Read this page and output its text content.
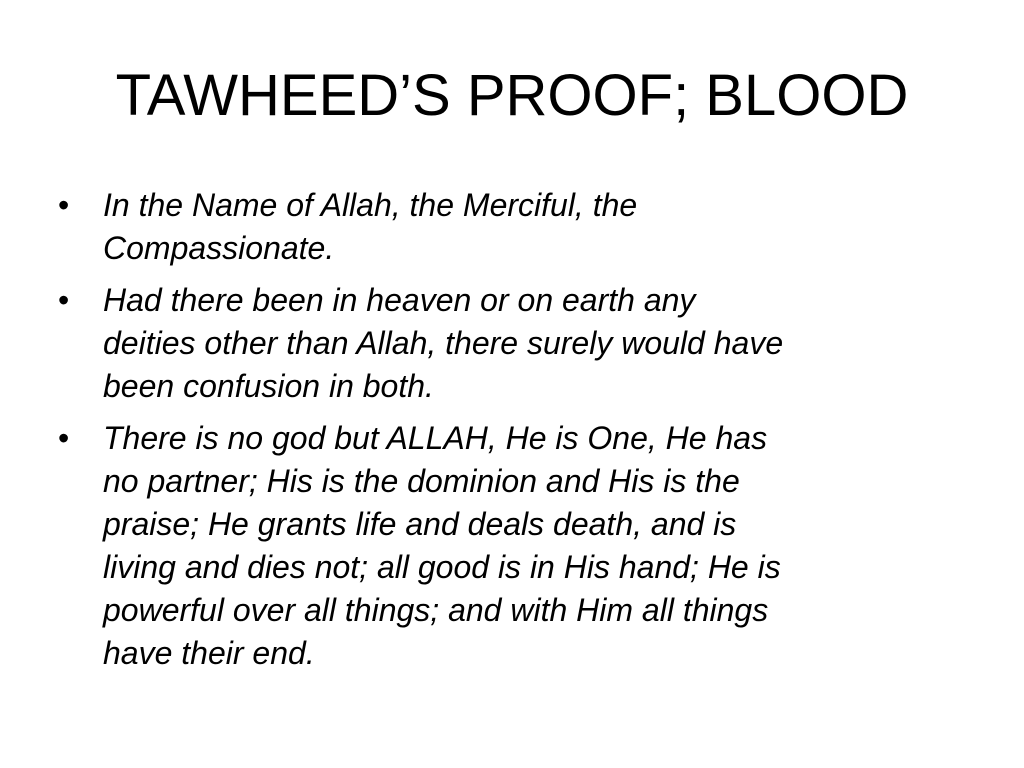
TAWHEED’S PROOF; BLOOD
• In the Name of Allah, the Merciful, the
Compassionate.
• Had there been in heaven or on earth any
deities other than Allah, there surely would have
been confusion in both.
• There is no god but ALLAH, He is One, He has
no partner; His is the dominion and His is the
praise; He grants life and deals death, and is
living and dies not; all good is in His hand; He is
powerful over all things; and with Him all things
have their end.
